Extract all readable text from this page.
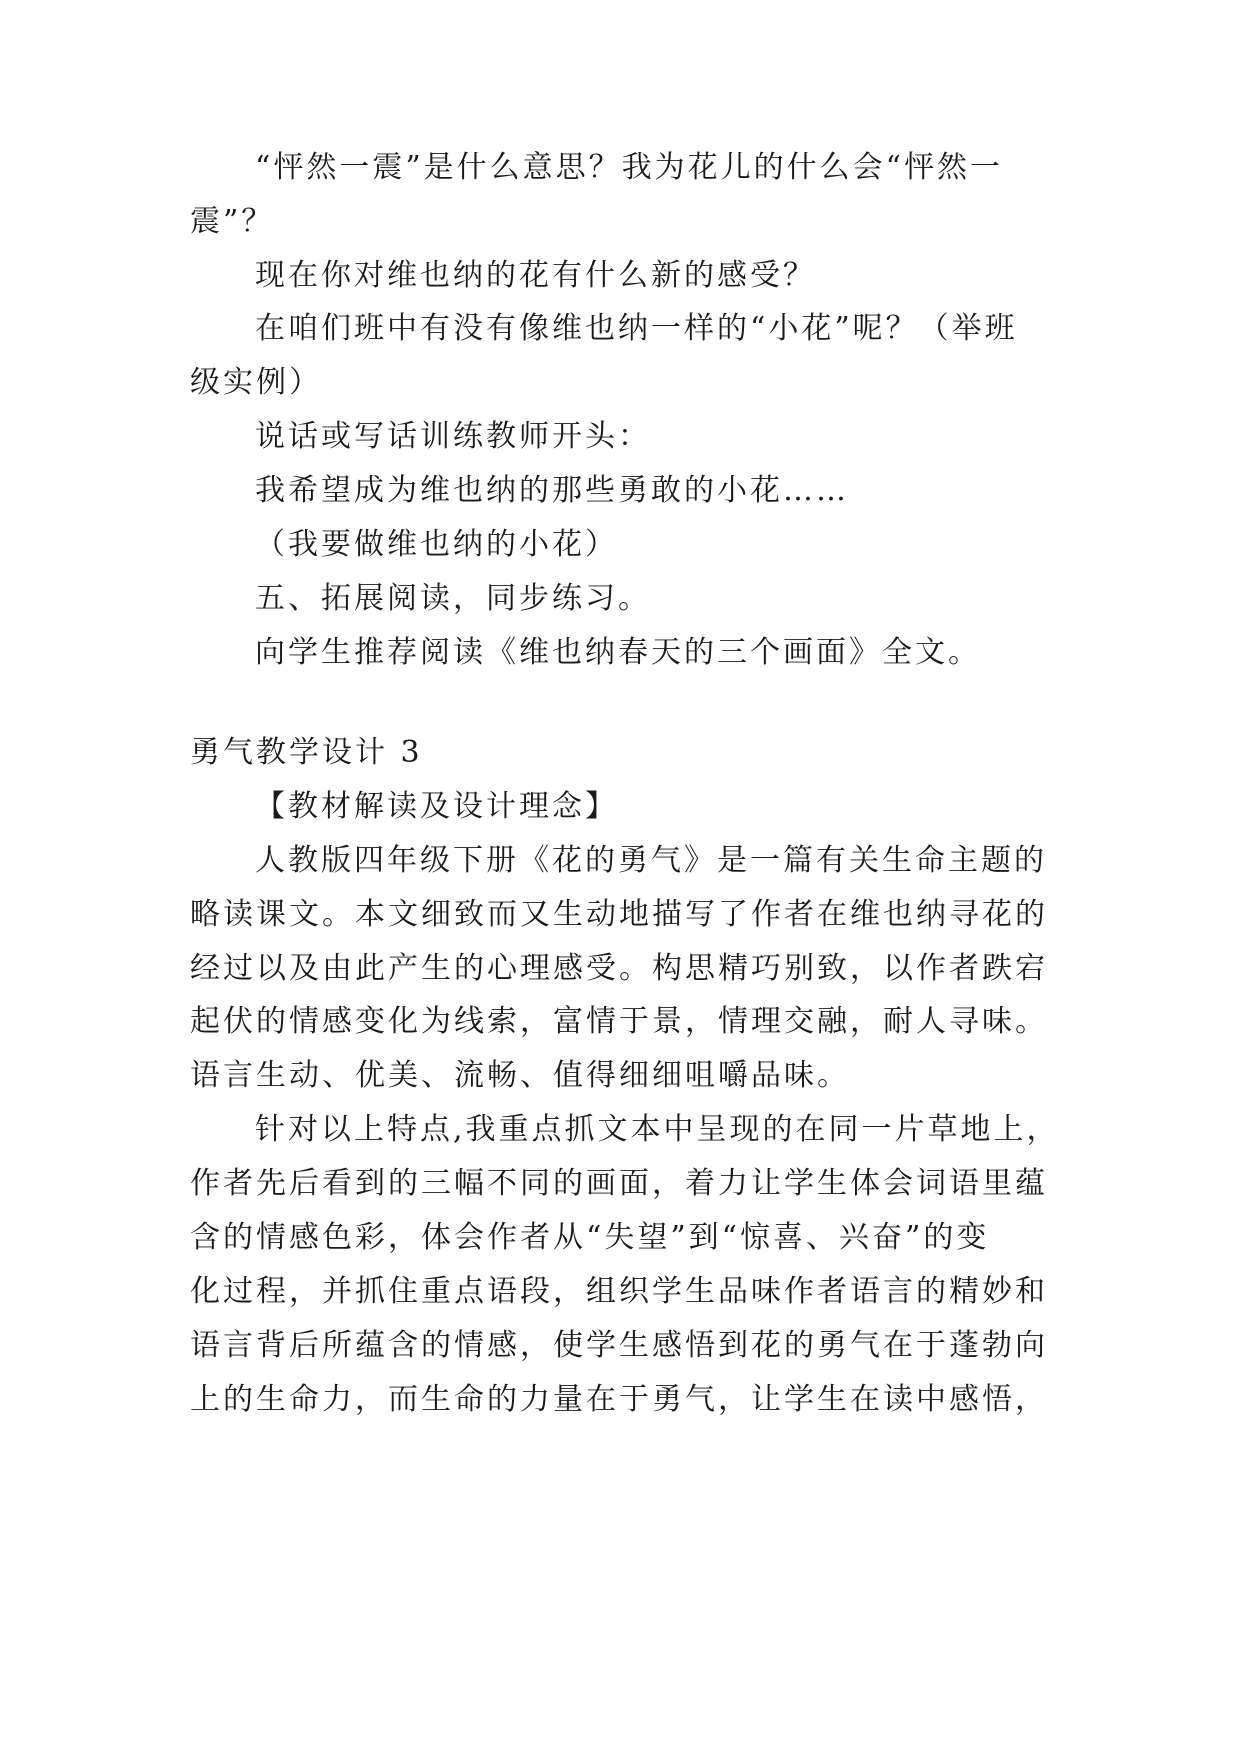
“怦然一震”是什么意思？我为花儿的什么会“怦然一
震”？
现在你对维也纳的花有什么新的感受？
在咱们班中有没有像维也纳一样的“小花”呢？（举班
级实例）
说话或写话训练教师开头：
我希望成为维也纳的那些勇敢的小花……
（我要做维也纳的小花）
五、拓展阅读，同步练习。
向学生推荐阅读《维也纳春天的三个画面》全文。
勇气教学设计 3
【教材解读及设计理念】
人教版四年级下册《花的勇气》是一篇有关生命主题的
略读课文。本文细致而又生动地描写了作者在维也纳寻花的
经过以及由此产生的心理感受。构思精巧别致，以作者跌宕
起伏的情感变化为线索，富情于景，情理交融，耐人寻味。
语言生动、优美、流畅、值得细细咀嚼品味。
针对以上特点,我重点抓文本中呈现的在同一片草地上，
作者先后看到的三幅不同的画面，着力让学生体会词语里蕴
含的情感色彩，体会作者从“失望”到“惊喜、兴奋”的变
化过程，并抓住重点语段，组织学生品味作者语言的精妙和
语言背后所蕴含的情感，使学生感悟到花的勇气在于蓬勃向
上的生命力，而生命的力量在于勇气，让学生在读中感悟，
